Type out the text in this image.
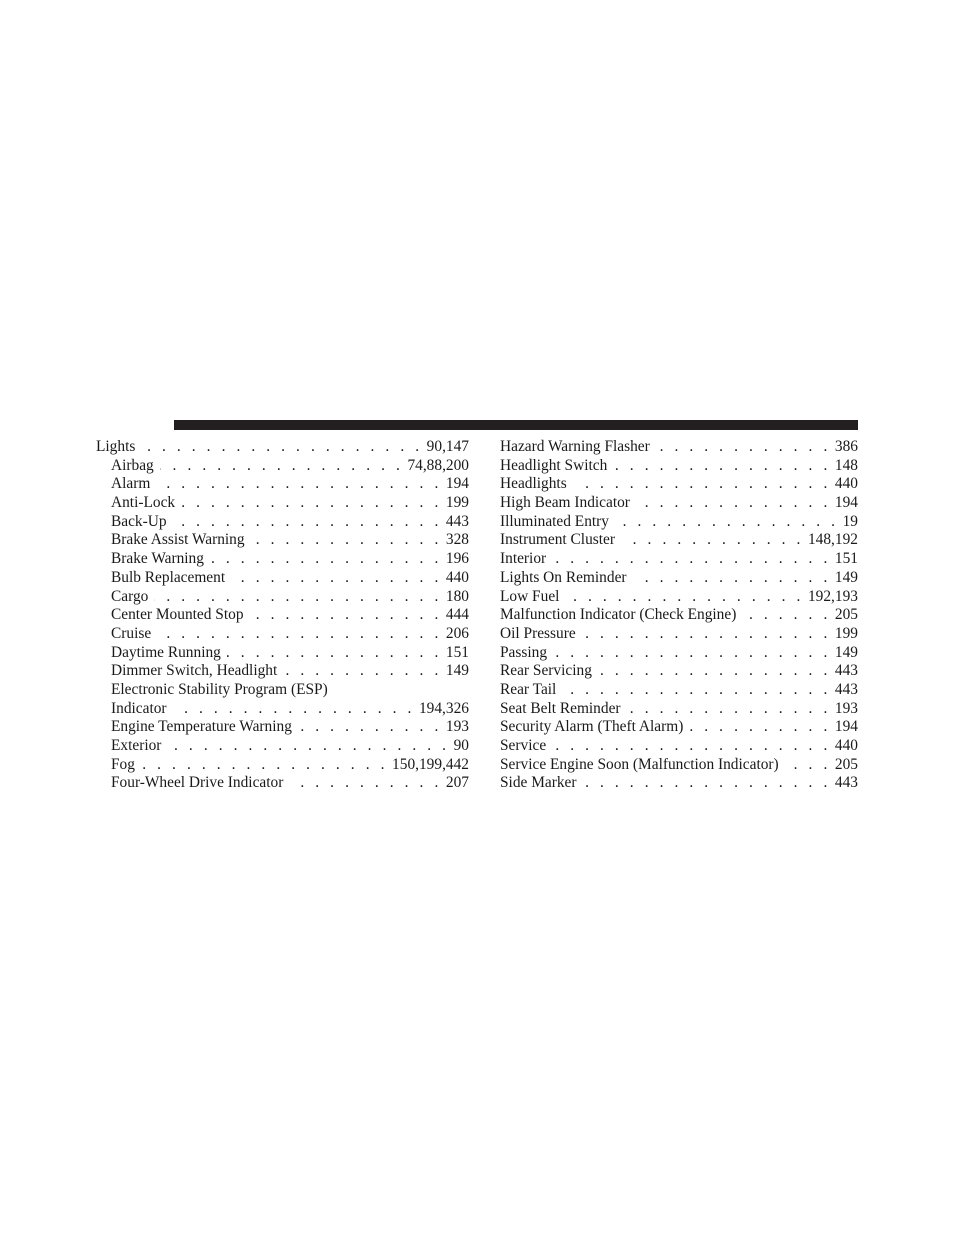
Lights . . .	90,147
Airbag . . .	74,88,200
Alarm . . .	194
Anti-Lock . . .	199
Back-Up . . .	443
Brake Assist Warning . . .	328
Brake Warning . . .	196
Bulb Replacement . . .	440
Cargo . . .	180
Center Mounted Stop . . .	444
Cruise . . .	206
Daytime Running . . .	151
Dimmer Switch, Headlight . . .	149
Electronic Stability Program (ESP)
Indicator . . .	194,326
Engine Temperature Warning . . .	193
Exterior . . .	90
Fog . . .	150,199,442
Four-Wheel Drive Indicator . . .	207
Hazard Warning Flasher . . .	386
Headlight Switch . . .	148
Headlights . . .	440
High Beam Indicator . . .	194
Illuminated Entry . . .	19
Instrument Cluster . . .	148,192
Interior . . .	151
Lights On Reminder . . .	149
Low Fuel . . .	192,193
Malfunction Indicator (Check Engine) . . .	205
Oil Pressure . . .	199
Passing . . .	149
Rear Servicing . . .	443
Rear Tail . . .	443
Seat Belt Reminder . . .	193
Security Alarm (Theft Alarm) . . .	194
Service . . .	440
Service Engine Soon (Malfunction Indicator) . . .	205
Side Marker . . .	443
